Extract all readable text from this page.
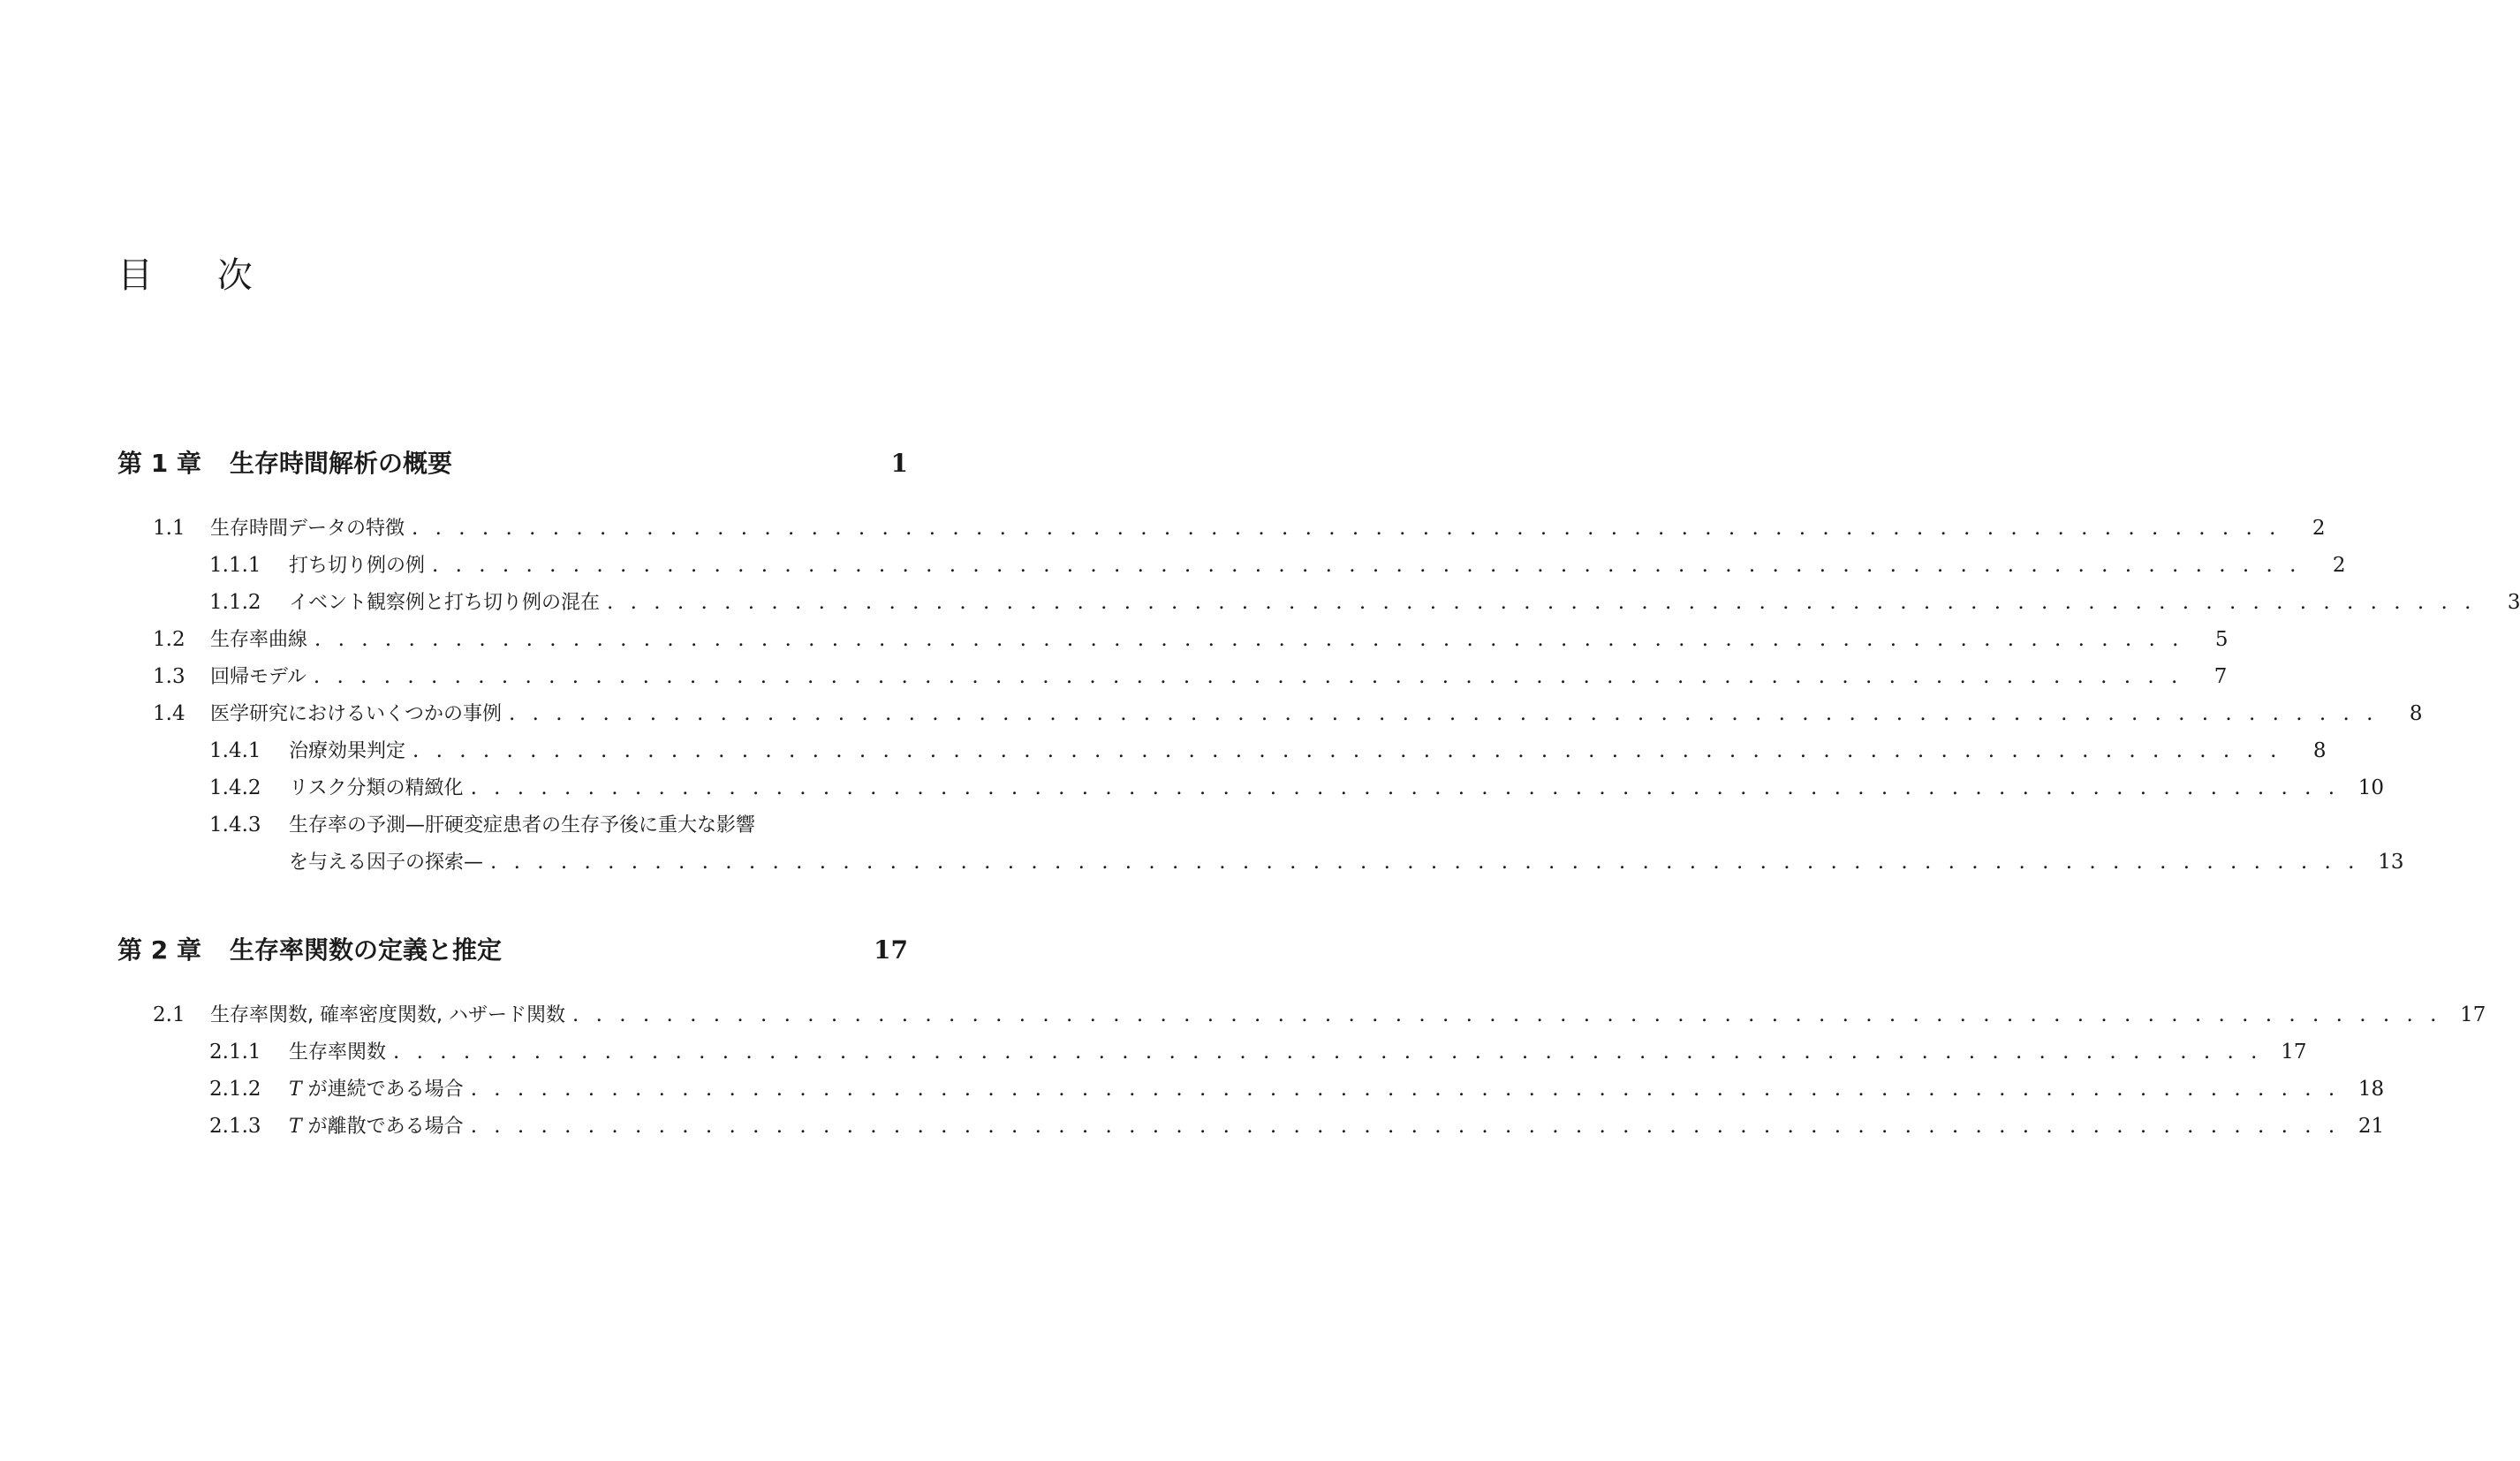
目 次
第 1 章 生存時間解析の概要	1
1.1	生存時間データの特徴 . . . . . . . . . . . . . . . . . . . . . . . . . . . . . . . . . . . . . . . . . . . . . . . . . . . . . . . . . . . . . . . . . . . . . . . . . . . . . . . .	2
1.1.1	打ち切り例の例 . . . . . . . . . . . . . . . . . . . . . . . . . . . . . . . . . . . . . . . . . . . . . . . . . . . . . . . . . . . . . . . . . . . . . . . . . . . . . . . .	2
1.1.2	イベント観察例と打ち切り例の混在 . . . . . . . . . . . . . . . . . . . . . . . . . . . . . . . . . . . . . . . . . . . . . . . . . . . . . . . . . . . . . . . . . . . . . . . . . . . . . . . .	3
1.2	生存率曲線 . . . . . . . . . . . . . . . . . . . . . . . . . . . . . . . . . . . . . . . . . . . . . . . . . . . . . . . . . . . . . . . . . . . . . . . . . . . . . . . .	5
1.3	回帰モデル . . . . . . . . . . . . . . . . . . . . . . . . . . . . . . . . . . . . . . . . . . . . . . . . . . . . . . . . . . . . . . . . . . . . . . . . . . . . . . . .	7
1.4	医学研究におけるいくつかの事例 . . . . . . . . . . . . . . . . . . . . . . . . . . . . . . . . . . . . . . . . . . . . . . . . . . . . . . . . . . . . . . . . . . . . . . . . . . . . . . . .	8
1.4.1	治療効果判定 . . . . . . . . . . . . . . . . . . . . . . . . . . . . . . . . . . . . . . . . . . . . . . . . . . . . . . . . . . . . . . . . . . . . . . . . . . . . . . . .	8
1.4.2	リスク分類の精緻化 . . . . . . . . . . . . . . . . . . . . . . . . . . . . . . . . . . . . . . . . . . . . . . . . . . . . . . . . . . . . . . . . . . . . . . . . . . . . . . . . 10
1.4.3	生存率の予測—肝硬変症患者の生存予後に重大な影響
を与える因子の探索— . . . . . . . . . . . . . . . . . . . . . . . . . . . . . . . . . . . . . . . . . . . . . . . . . . . . . . . . . . . . . . . . . . . . . . . . . . . . . . . . 13
第 2 章 生存率関数の定義と推定	17
2.1	生存率関数, 確率密度関数, ハザード関数 . . . . . . . . . . . . . . . . . . . . . . . . . . . . . . . . . . . . . . . . . . . . . . . . . . . . . . . . . . . . . . . . . . . . . . . . . . . . . . . . 17
2.1.1	生存率関数 . . . . . . . . . . . . . . . . . . . . . . . . . . . . . . . . . . . . . . . . . . . . . . . . . . . . . . . . . . . . . . . . . . . . . . . . . . . . . . . . 17
2.1.2	T が連続である場合 . . . . . . . . . . . . . . . . . . . . . . . . . . . . . . . . . . . . . . . . . . . . . . . . . . . . . . . . . . . . . . . . . . . . . . . . . . . . . . . . 18
2.1.3	T が離散である場合 . . . . . . . . . . . . . . . . . . . . . . . . . . . . . . . . . . . . . . . . . . . . . . . . . . . . . . . . . . . . . . . . . . . . . . . . . . . . . . . . 21
